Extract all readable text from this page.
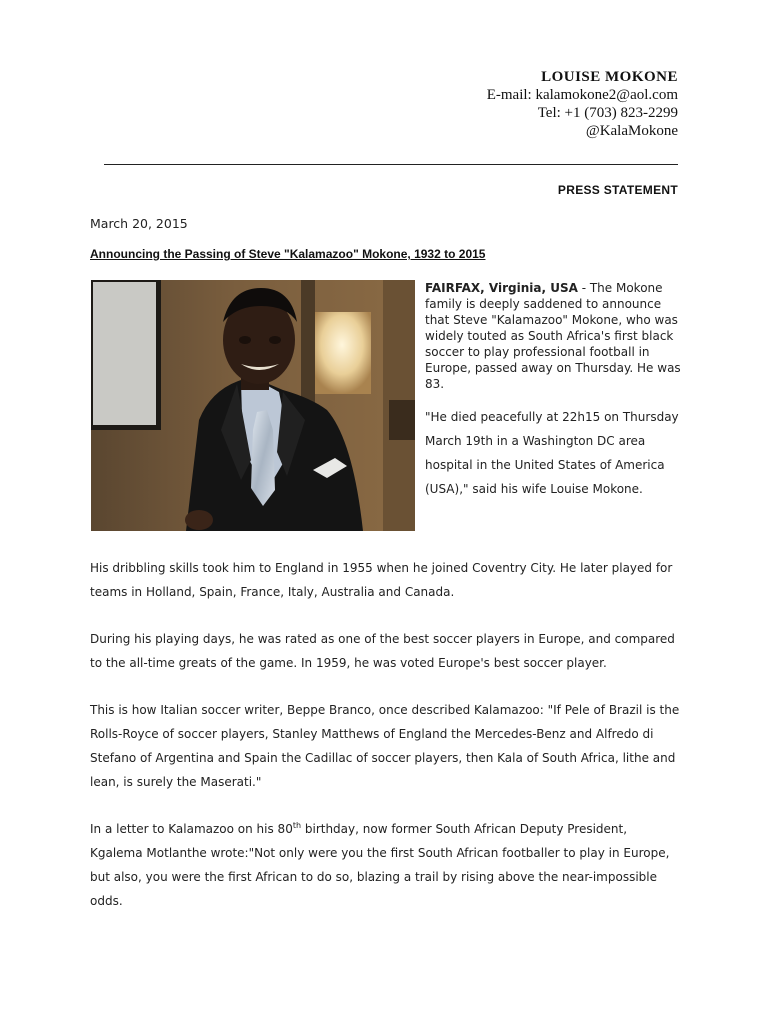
LOUISE MOKONE
E-mail: kalamokone2@aol.com
Tel: +1 (703) 823-2299
@KalaMokone
PRESS STATEMENT
March 20, 2015
Announcing the Passing of Steve "Kalamazoo" Mokone, 1932 to 2015

FAIRFAX, Virginia, USA - The Mokone family is deeply saddened to announce that Steve "Kalamazoo" Mokone, who was widely touted as South Africa's first black soccer to play professional football in Europe, passed away on Thursday. He was 83.

"He died peacefully at 22h15 on Thursday March 19th in a Washington DC area hospital in the United States of America (USA)," said his wife Louise Mokone.

His dribbling skills took him to England in 1955 when he joined Coventry City. He later played for teams in Holland, Spain, France, Italy, Australia and Canada.

During his playing days, he was rated as one of the best soccer players in Europe, and compared to the all-time greats of the game. In 1959, he was voted Europe's best soccer player.

This is how Italian soccer writer, Beppe Branco, once described Kalamazoo: "If Pele of Brazil is the Rolls-Royce of soccer players, Stanley Matthews of England the Mercedes-Benz and Alfredo di Stefano of Argentina and Spain the Cadillac of soccer players, then Kala of South Africa, lithe and lean, is surely the Maserati."

In a letter to Kalamazoo on his 80th birthday, now former South African Deputy President, Kgalema Motlanthe wrote:"Not only were you the first South African footballer to play in Europe, but also, you were the first African to do so, blazing a trail by rising above the near-impossible odds.
